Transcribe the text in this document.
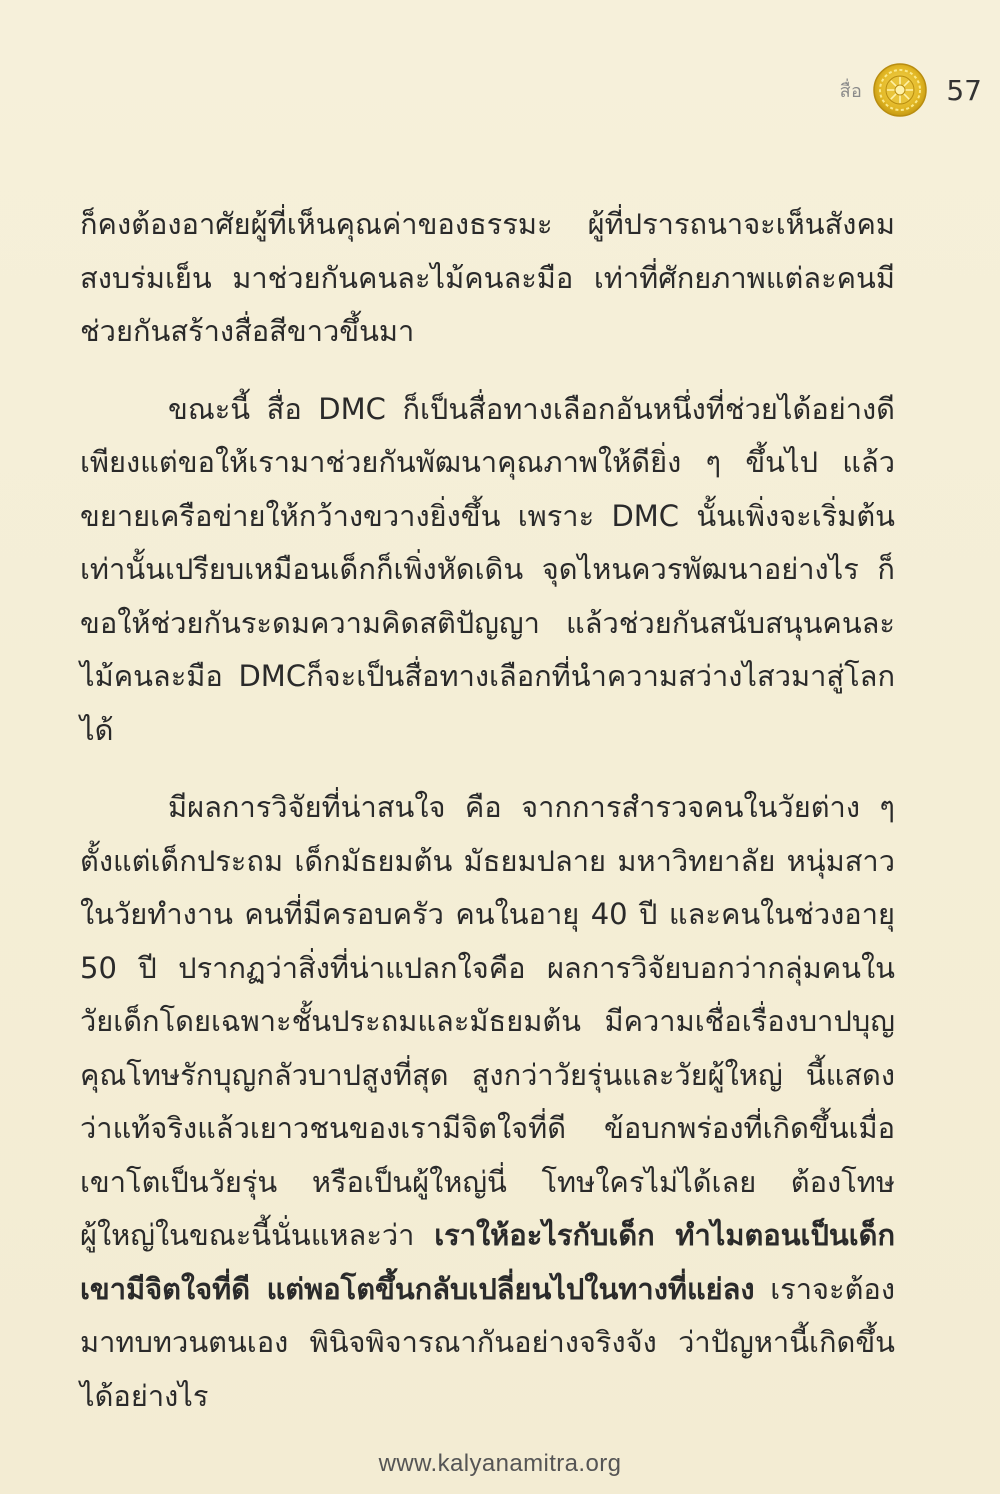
สื่อ	57

ก็คงต้องอาศัยผู้ที่เห็นคุณค่าของธรรมะ ผู้ที่ปรารถนาจะเห็นสังคมสงบร่มเย็น มาช่วยกันคนละไม้คนละมือ เท่าที่ศักยภาพแต่ละคนมี ช่วยกันสร้างสื่อสีขาวขึ้นมา

ขณะนี้ สื่อ DMC ก็เป็นสื่อทางเลือกอันหนึ่งที่ช่วยได้อย่างดีเพียงแต่ขอให้เรามาช่วยกันพัฒนาคุณภาพให้ดียิ่ง ๆ ขึ้นไป แล้วขยายเครือข่ายให้กว้างขวางยิ่งขึ้น เพราะ DMC นั้นเพิ่งจะเริ่มต้นเท่านั้นเปรียบเหมือนเด็กก็เพิ่งหัดเดิน จุดไหนควรพัฒนาอย่างไร ก็ขอให้ช่วยกันระดมความคิดสติปัญญา แล้วช่วยกันสนับสนุนคนละไม้คนละมือ DMCก็จะเป็นสื่อทางเลือกที่นำความสว่างไสวมาสู่โลกได้

มีผลการวิจัยที่น่าสนใจ คือ จากการสำรวจคนในวัยต่าง ๆ ตั้งแต่เด็กประถม เด็กมัธยมต้น มัธยมปลาย มหาวิทยาลัย หนุ่มสาวในวัยทำงาน คนที่มีครอบครัว คนในอายุ 40 ปี และคนในช่วงอายุ 50 ปี ปรากฏว่าสิ่งที่น่าแปลกใจคือ ผลการวิจัยบอกว่ากลุ่มคนในวัยเด็กโดยเฉพาะชั้นประถมและมัธยมต้น มีความเชื่อเรื่องบาปบุญคุณโทษรักบุญกลัวบาปสูงที่สุด สูงกว่าวัยรุ่นและวัยผู้ใหญ่ นี้แสดงว่าแท้จริงแล้วเยาวชนของเรามีจิตใจที่ดี ข้อบกพร่องที่เกิดขึ้นเมื่อเขาโตเป็นวัยรุ่น หรือเป็นผู้ใหญ่นี่ โทษใครไม่ได้เลย ต้องโทษผู้ใหญ่ในขณะนี้นั่นแหละว่า เราให้อะไรกับเด็ก ทำไมตอนเป็นเด็ก เขามีจิตใจที่ดี แต่พอโตขึ้นกลับเปลี่ยนไปในทางที่แย่ลง เราจะต้องมาทบทวนตนเอง พินิจพิจารณากันอย่างจริงจัง ว่าปัญหานี้เกิดขึ้นได้อย่างไร

www.kalyanamitra.org
